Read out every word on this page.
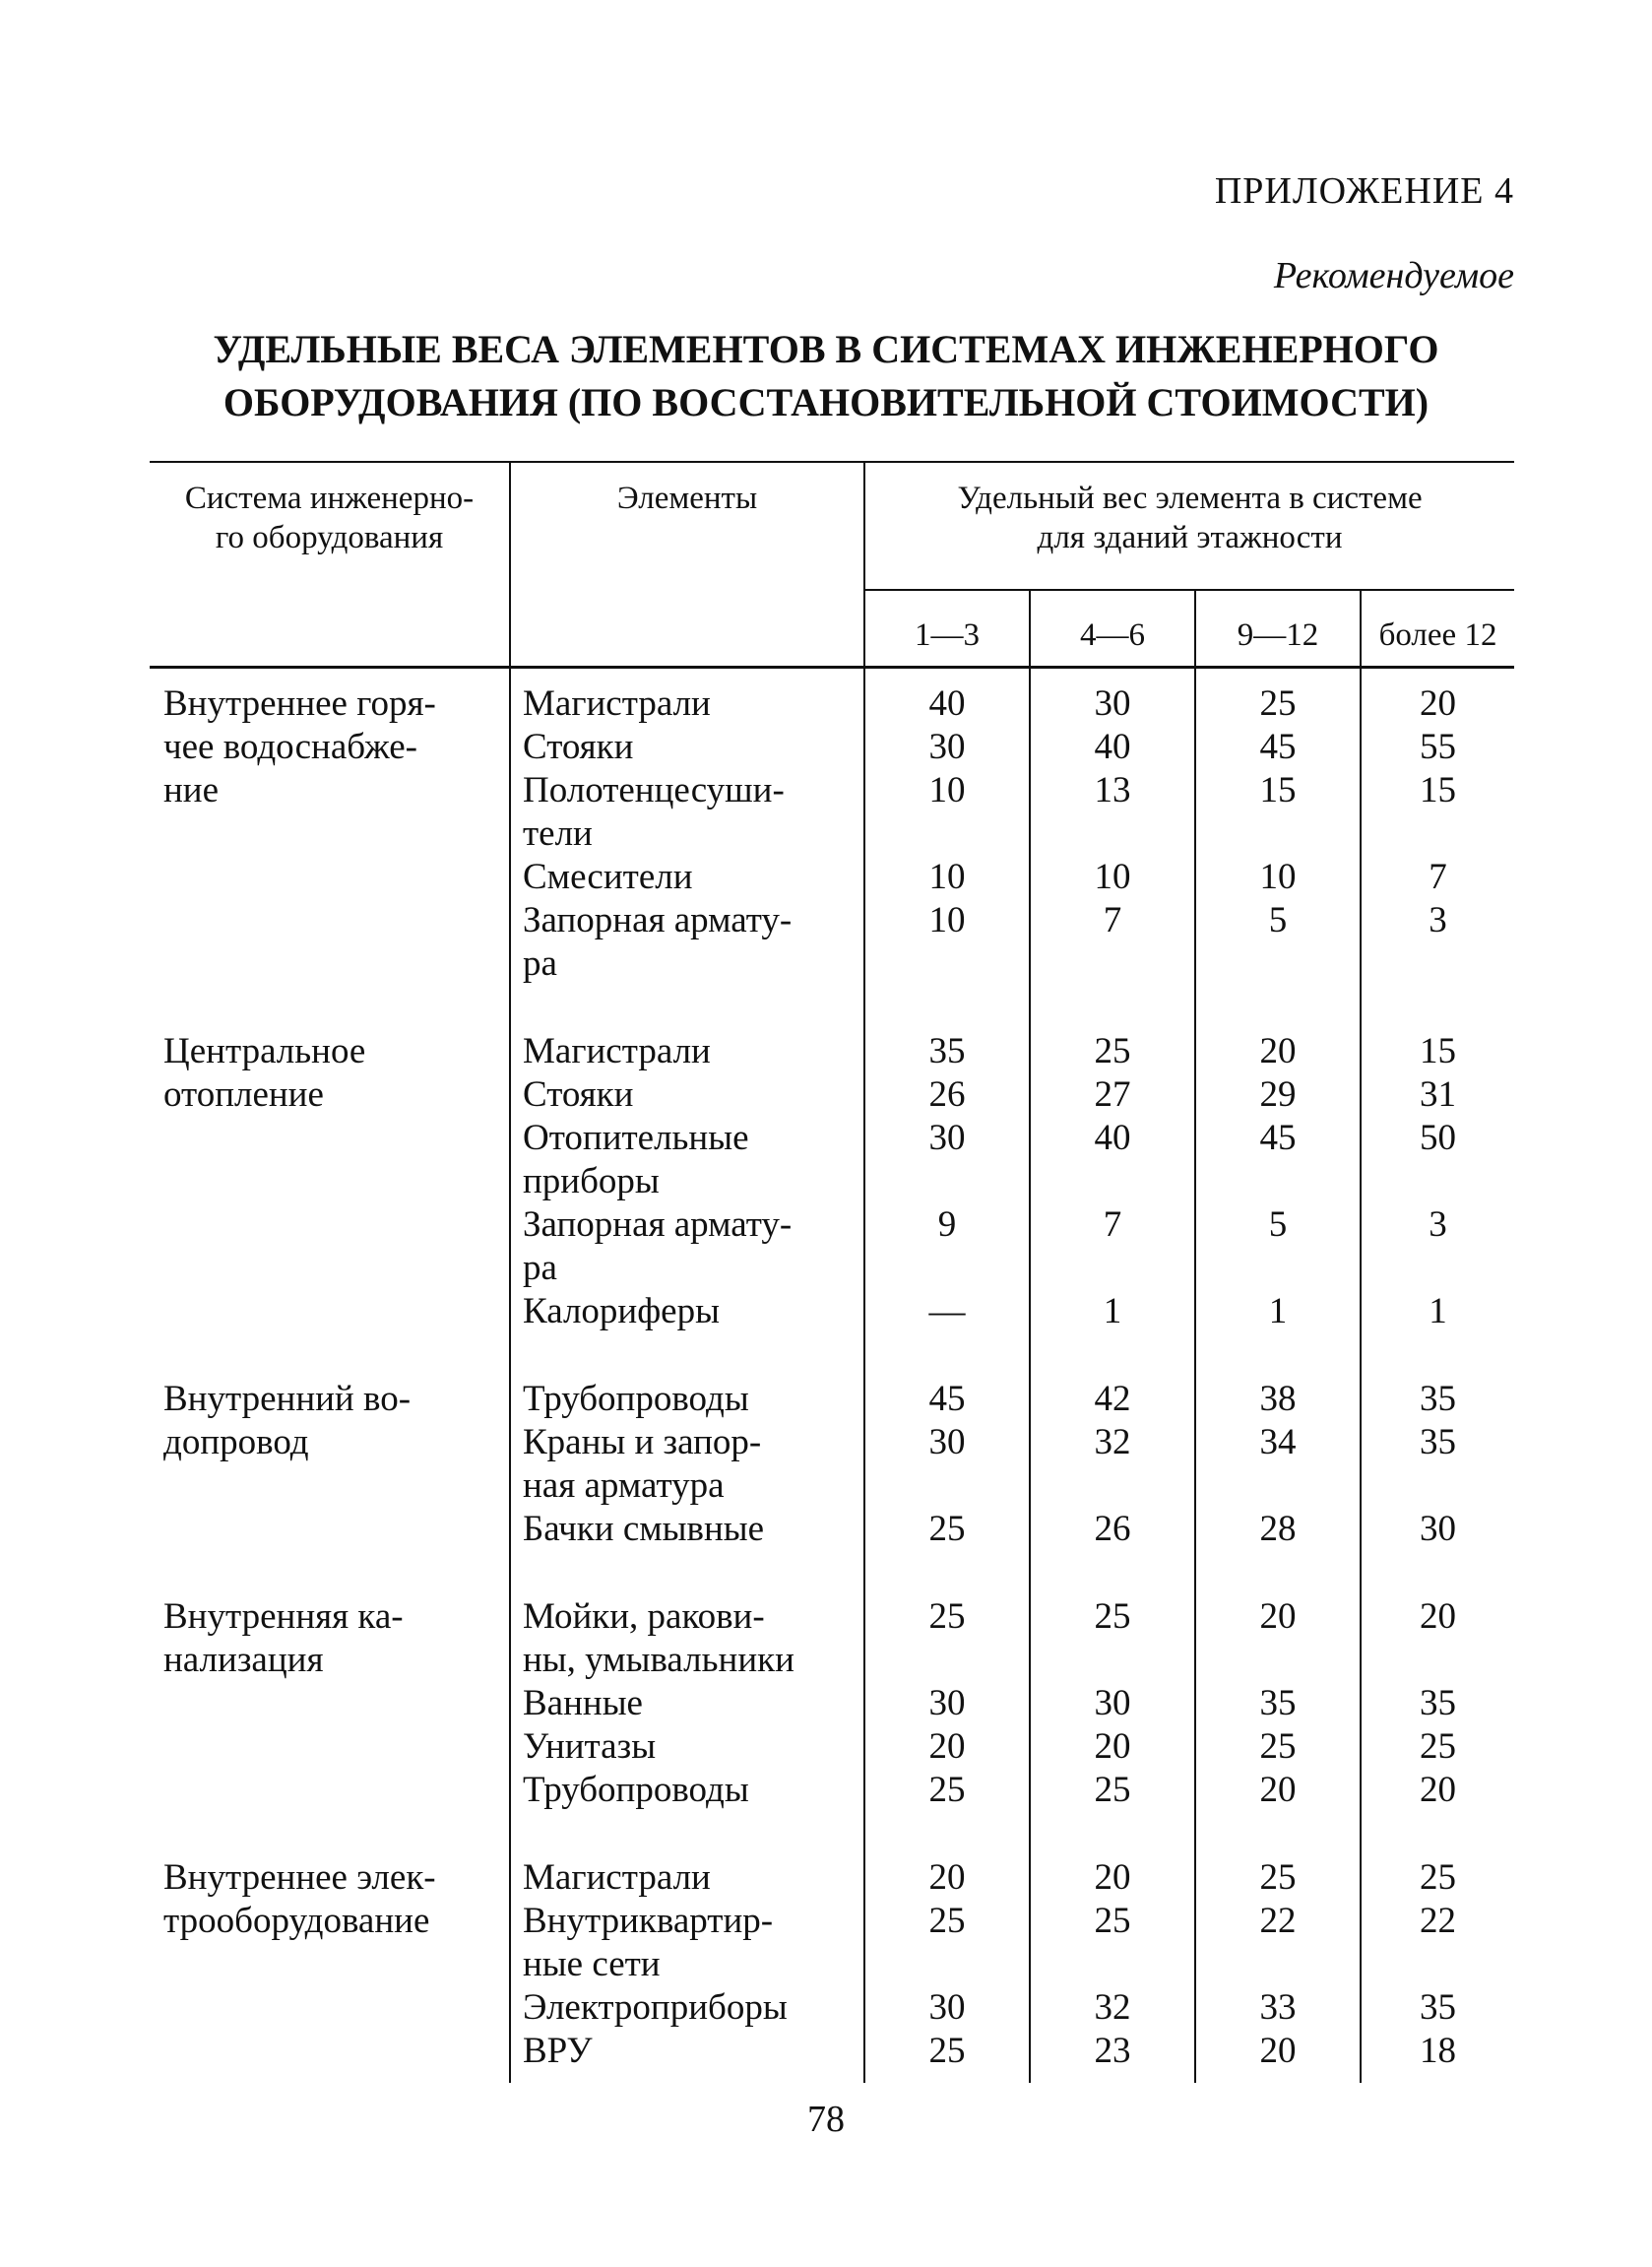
ПРИЛОЖЕНИЕ 4
Рекомендуемое
УДЕЛЬНЫЕ ВЕСА ЭЛЕМЕНТОВ В СИСТЕМАХ ИНЖЕНЕРНОГО
ОБОРУДОВАНИЯ (ПО ВОССТАНОВИТЕЛЬНОЙ СТОИМОСТИ)
Система инженерно-
го оборудования	Элементы	Удельный вес элемента в системе
для зданий этажности			

		1—3	4—6	9—12	более 12

Внутреннее горя-
чее водоснабже-
ние	Магистрали	40	30	25	20

	Стояки	30	40	45	55

	Полотенцесуши-
тели	10	13	15	15

	Смесители	10	10	10	7

	Запорная армату-
ра	10	7	5	3

Центральное
отопление	Магистрали	35	25	20	15

	Стояки	26	27	29	31

	Отопительные
приборы	30	40	45	50

	Запорная армату-
ра	9	7	5	3

	Калориферы	—	1	1	1

Внутренний во-
допровод	Трубопроводы	45	42	38	35

	Краны и запор-
ная арматура	30	32	34	35

	Бачки смывные	25	26	28	30

Внутренняя ка-
нализация	Мойки, ракови-
ны, умывальники	25	25	20	20

	Ванные	30	30	35	35

	Унитазы	20	20	25	25

	Трубопроводы	25	25	20	20

Внутреннее элек-
трооборудование	Магистрали	20	20	25	25

	Внутриквартир-
ные сети	25	25	22	22

	Электроприборы	30	32	33	35

	ВРУ	25	23	20	18
78
